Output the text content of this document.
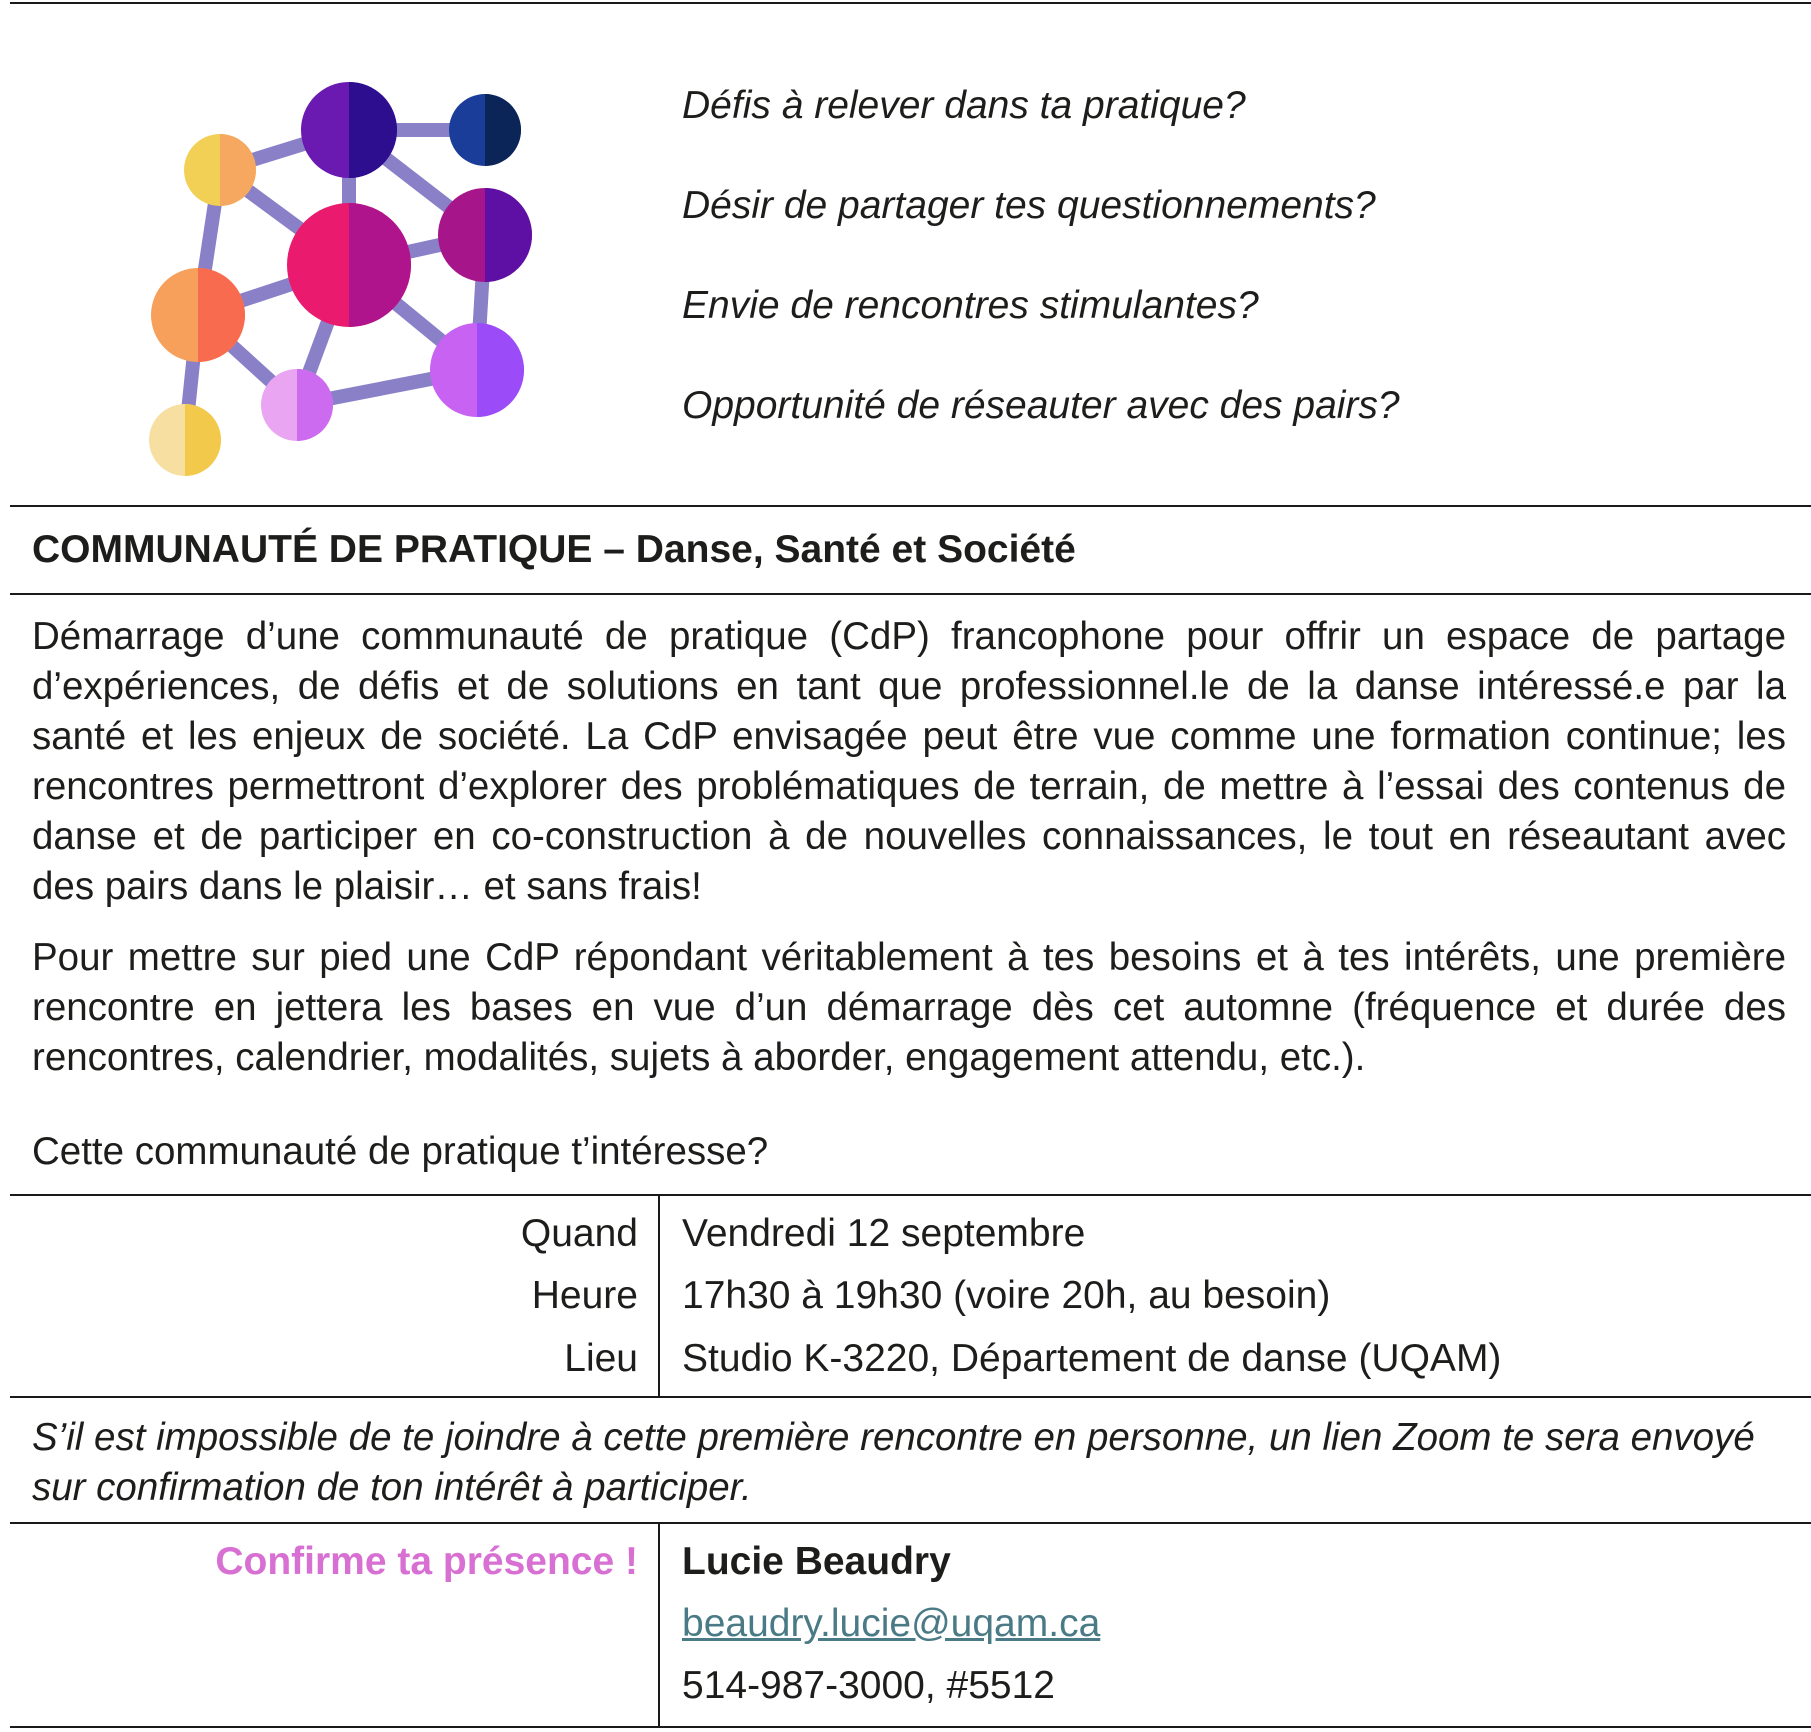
Défis à relever dans ta pratique?
Désir de partager tes questionnements?
Envie de rencontres stimulantes?
Opportunité de réseauter avec des pairs?
COMMUNAUTÉ DE PRATIQUE – Danse, Santé et Société
Démarrage d’une communauté de pratique (CdP) francophone pour offrir un espace de partage d’expériences, de défis et de solutions en tant que professionnel.le de la danse intéressé.e par la santé et les enjeux de société. La CdP envisagée peut être vue comme une formation continue; les rencontres permettront d’explorer des problématiques de terrain, de mettre à l’essai des contenus de danse et de participer en co-construction à de nouvelles connaissances, le tout en réseautant avec des pairs dans le plaisir… et sans frais!
Pour mettre sur pied une CdP répondant véritablement à tes besoins et à tes intérêts, une première rencontre en jettera les bases en vue d’un démarrage dès cet automne (fréquence et durée des rencontres, calendrier, modalités, sujets à aborder, engagement attendu, etc.).
Cette communauté de pratique t’intéresse?
Quand Vendredi 12 septembre
Heure 17h30 à 19h30 (voire 20h, au besoin)
Lieu Studio K-3220, Département de danse (UQAM)
S’il est impossible de te joindre à cette première rencontre en personne, un lien Zoom te sera envoyé sur confirmation de ton intérêt à participer.
Confirme ta présence ! Lucie Beaudry
beaudry.lucie@uqam.ca
514-987-3000, #5512
